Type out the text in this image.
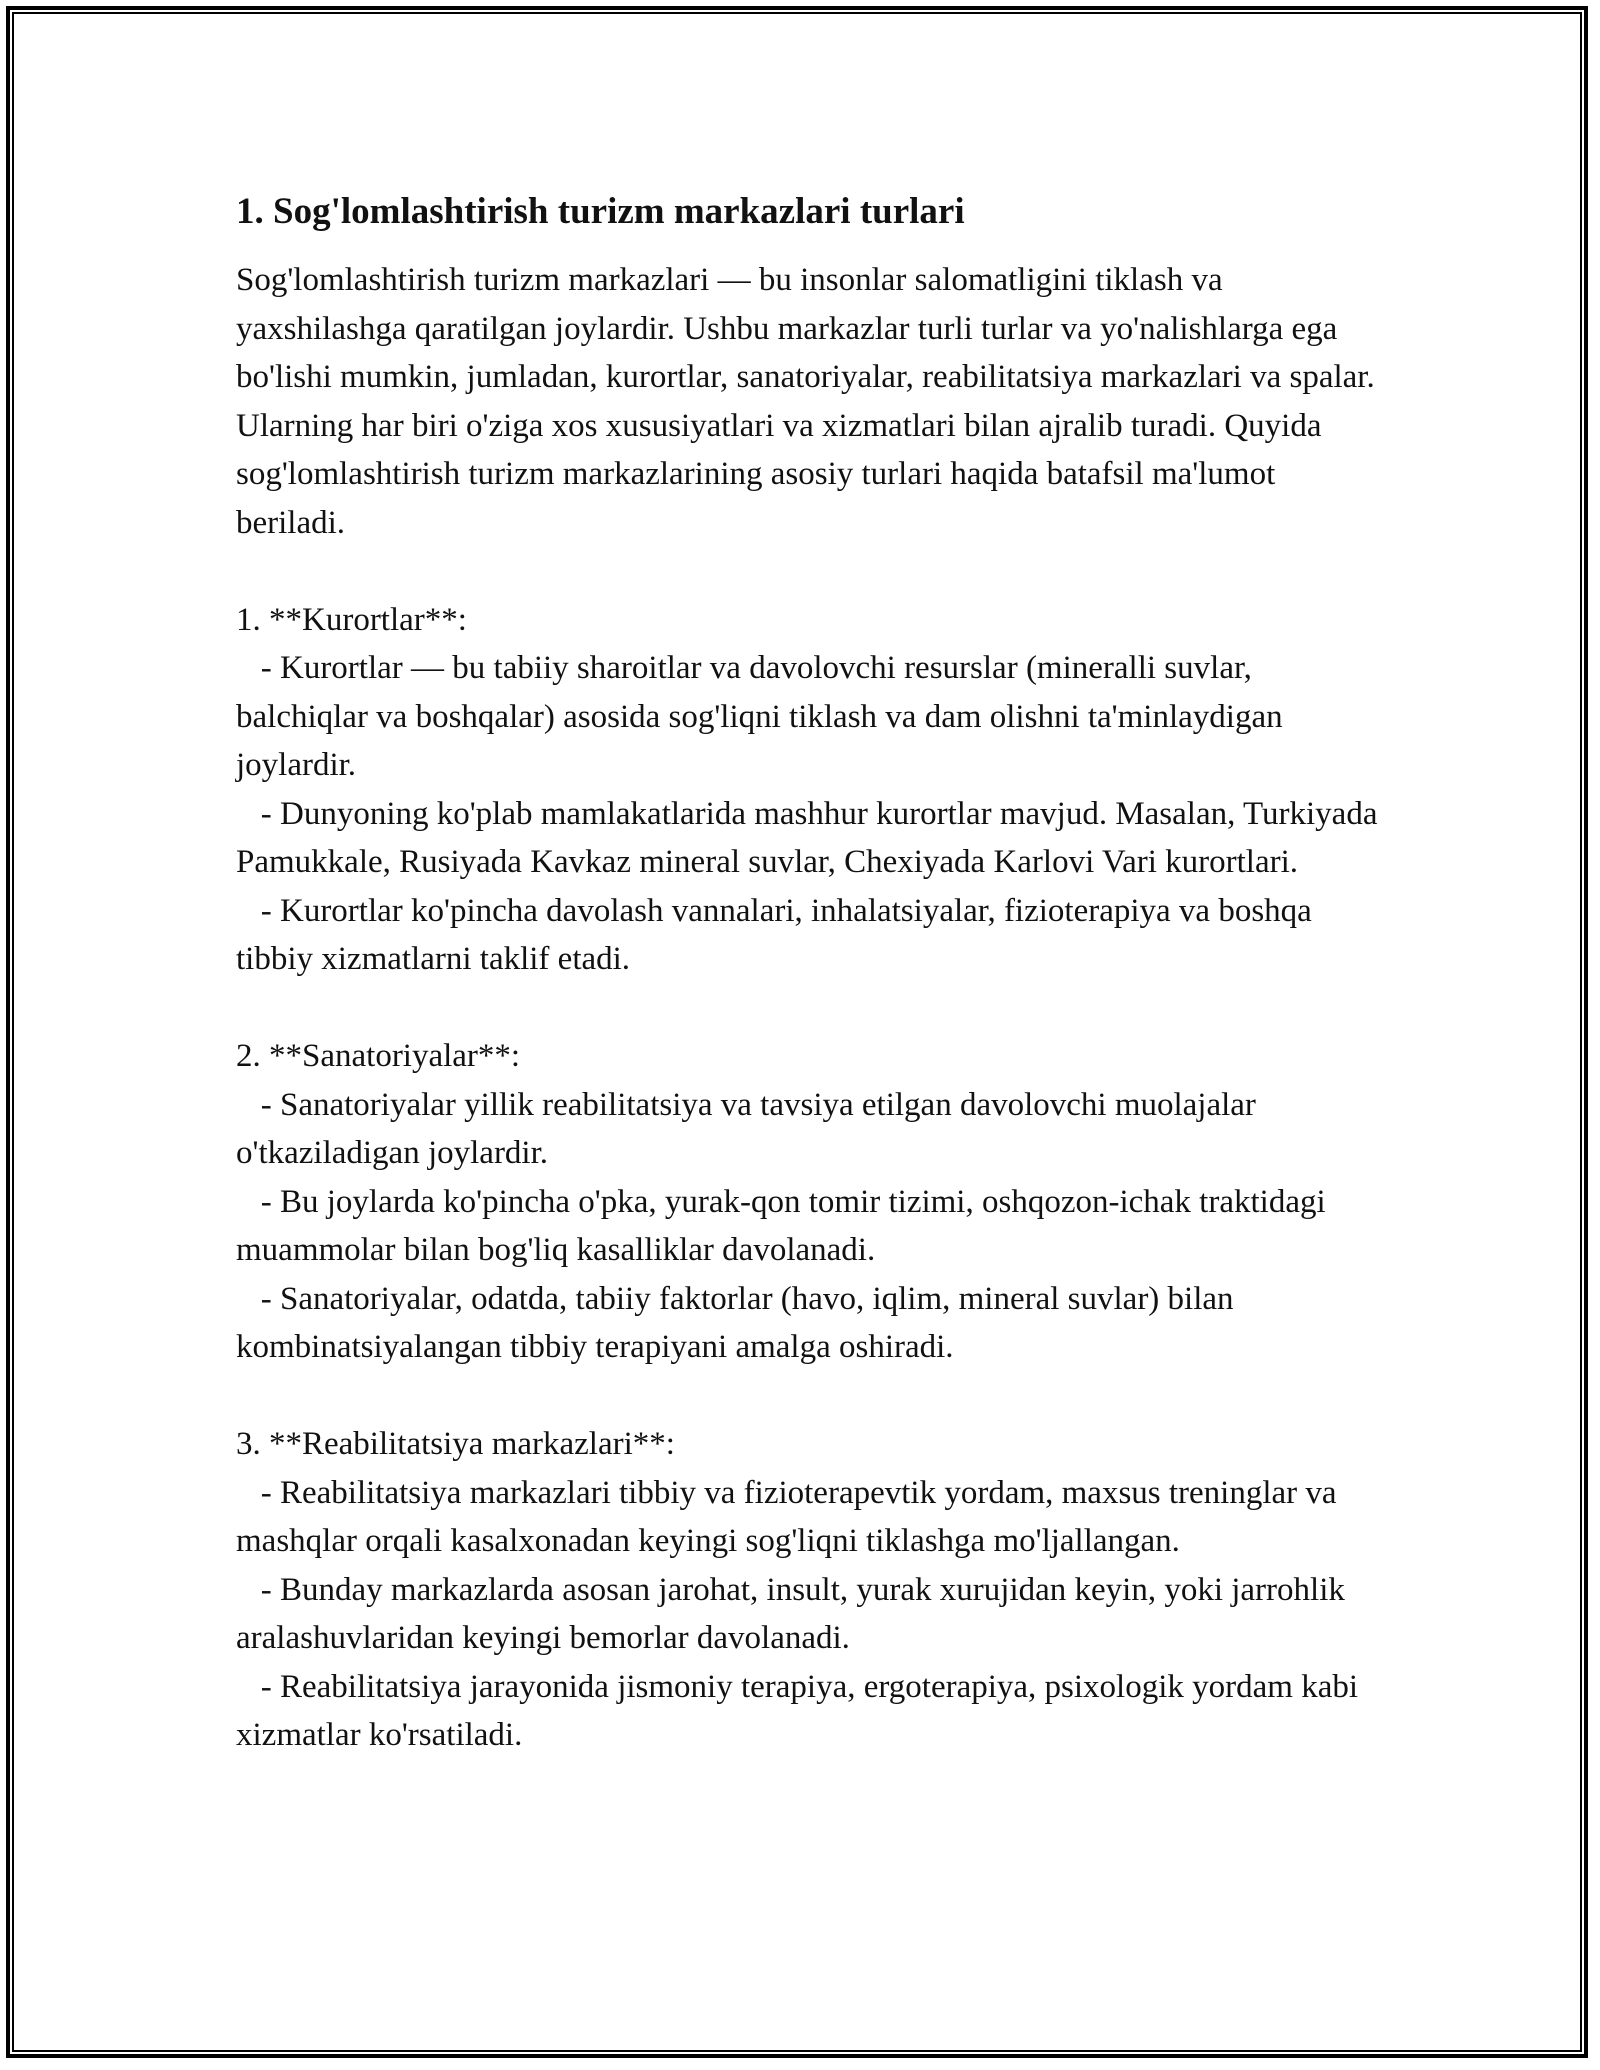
1. Sog'lomlashtirish turizm markazlari turlari

Sog'lomlashtirish turizm markazlari — bu insonlar salomatligini tiklash va yaxshilashga qaratilgan joylardir. Ushbu markazlar turli turlar va yo'nalishlarga ega bo'lishi mumkin, jumladan, kurortlar, sanatoriyalar, reabilitatsiya markazlari va spalar. Ularning har biri o'ziga xos xususiyatlari va xizmatlari bilan ajralib turadi. Quyida sog'lomlashtirish turizm markazlarining asosiy turlari haqida batafsil ma'lumot beriladi.

1. **Kurortlar**:

- Kurortlar — bu tabiiy sharoitlar va davolovchi resurslar (mineralli suvlar, balchiqlar va boshqalar) asosida sog'liqni tiklash va dam olishni ta'minlaydigan joylardir.

- Dunyoning ko'plab mamlakatlarida mashhur kurortlar mavjud. Masalan, Turkiyada Pamukkale, Rusiyada Kavkaz mineral suvlar, Chexiyada Karlovi Vari kurortlari.

- Kurortlar ko'pincha davolash vannalari, inhalatsiyalar, fizioterapiya va boshqa tibbiy xizmatlarni taklif etadi.

2. **Sanatoriyalar**:

- Sanatoriyalar yillik reabilitatsiya va tavsiya etilgan davolovchi muolajalar o'tkaziladigan joylardir.

- Bu joylarda ko'pincha o'pka, yurak-qon tomir tizimi, oshqozon-ichak traktidagi muammolar bilan bog'liq kasalliklar davolanadi.

- Sanatoriyalar, odatda, tabiiy faktorlar (havo, iqlim, mineral suvlar) bilan kombinatsiyalangan tibbiy terapiyani amalga oshiradi.

3. **Reabilitatsiya markazlari**:

- Reabilitatsiya markazlari tibbiy va fizioterapevtik yordam, maxsus treninglar va mashqlar orqali kasalxonadan keyingi sog'liqni tiklashga mo'ljallangan.

- Bunday markazlarda asosan jarohat, insult, yurak xurujidan keyin, yoki jarrohlik aralashuvlaridan keyingi bemorlar davolanadi.

- Reabilitatsiya jarayonida jismoniy terapiya, ergoterapiya, psixologik yordam kabi xizmatlar ko'rsatiladi.
